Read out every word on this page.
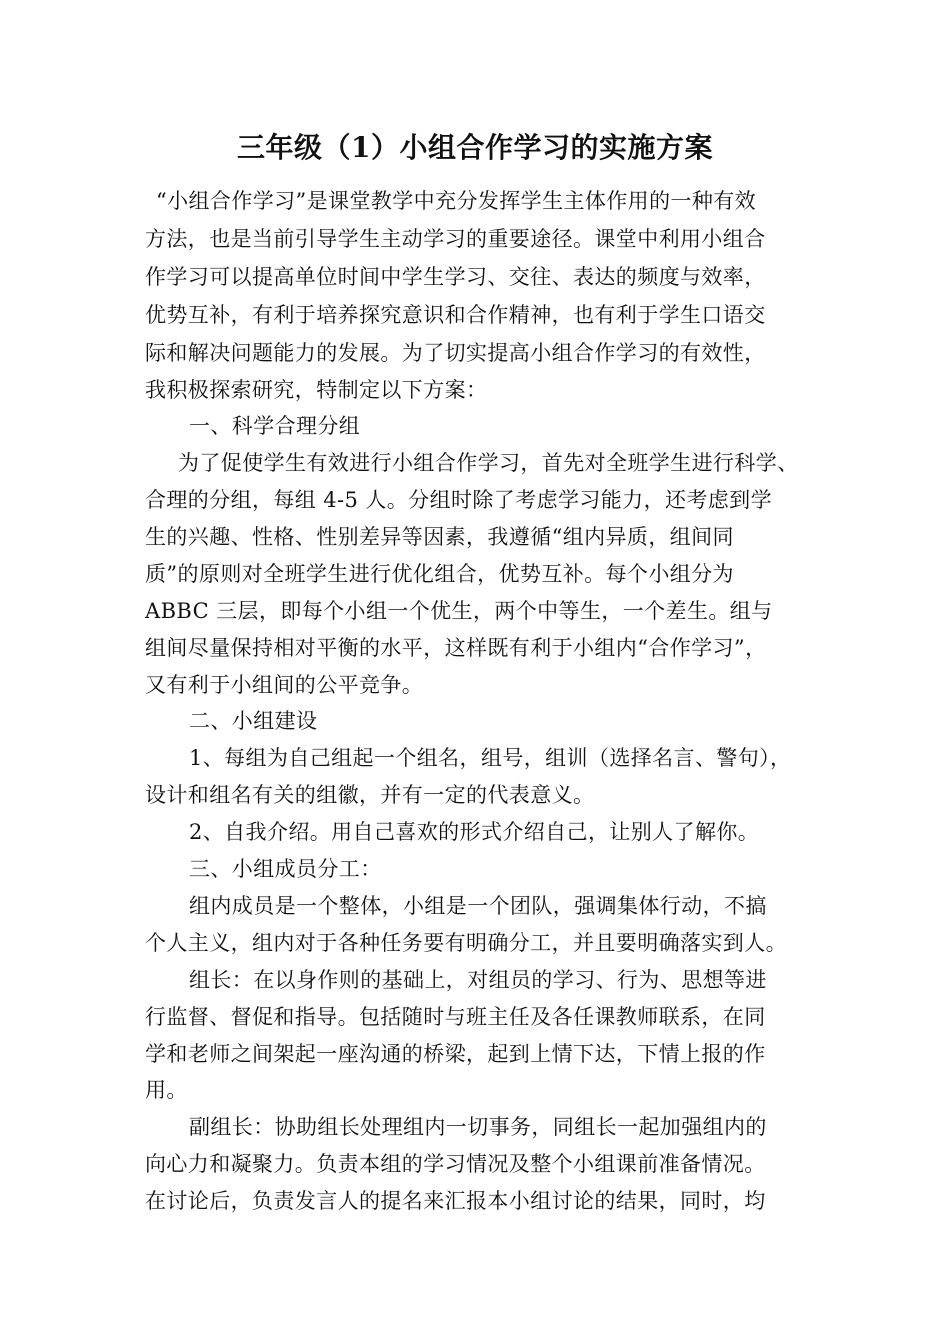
三年级（1）小组合作学习的实施方案
“小组合作学习”是课堂教学中充分发挥学生主体作用的一种有效
方法，也是当前引导学生主动学习的重要途径。课堂中利用小组合
作学习可以提高单位时间中学生学习、交往、表达的频度与效率，
优势互补，有利于培养探究意识和合作精神，也有利于学生口语交
际和解决问题能力的发展。为了切实提高小组合作学习的有效性，
我积极探索研究，特制定以下方案：
一、科学合理分组
为了促使学生有效进行小组合作学习，首先对全班学生进行科学、
合理的分组，每组 4-5 人。分组时除了考虑学习能力，还考虑到学
生的兴趣、性格、性别差异等因素，我遵循“组内异质，组间同
质”的原则对全班学生进行优化组合，优势互补。每个小组分为
ABBC 三层，即每个小组一个优生，两个中等生，一个差生。组与
组间尽量保持相对平衡的水平，这样既有利于小组内“合作学习”，
又有利于小组间的公平竞争。
二、小组建设
1、每组为自己组起一个组名，组号，组训（选择名言、警句），
设计和组名有关的组徽，并有一定的代表意义。
2、自我介绍。用自己喜欢的形式介绍自己，让别人了解你。
三、小组成员分工：
组内成员是一个整体，小组是一个团队，强调集体行动，不搞
个人主义，组内对于各种任务要有明确分工，并且要明确落实到人。
组长：在以身作则的基础上，对组员的学习、行为、思想等进
行监督、督促和指导。包括随时与班主任及各任课教师联系，在同
学和老师之间架起一座沟通的桥梁，起到上情下达，下情上报的作
用。
副组长：协助组长处理组内一切事务，同组长一起加强组内的
向心力和凝聚力。负责本组的学习情况及整个小组课前准备情况。
在讨论后，负责发言人的提名来汇报本小组讨论的结果，同时，均
